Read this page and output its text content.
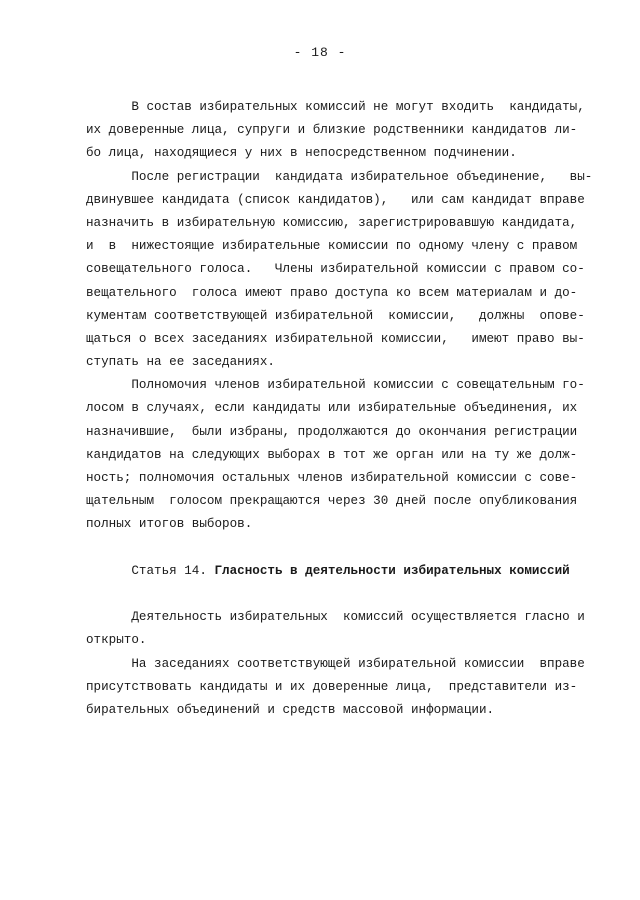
- 18 -
В состав избирательных комиссий не могут входить  кандидаты,
их доверенные лица, супруги и близкие родственники кандидатов ли-
бо лица, находящиеся у них в непосредственном подчинении.
После регистрации  кандидата избирательное объединение,   вы-
двинувшее кандидата (список кандидатов),   или сам кандидат вправе
назначить в избирательную комиссию, зарегистрировавшую кандидата,
и  в  нижестоящие избирательные комиссии по одному члену с правом
совещательного голоса.   Члены избирательной комиссии с правом со-
вещательного  голоса имеют право доступа ко всем материалам и до-
кументам соответствующей избирательной  комиссии,   должны  опове-
щаться о всех заседаниях избирательной комиссии,   имеют право вы-
ступать на ее заседаниях.
Полномочия членов избирательной комиссии с совещательным го-
лосом в случаях, если кандидаты или избирательные объединения, их
назначившие,  были избраны, продолжаются до окончания регистрации
кандидатов на следующих выборах в тот же орган или на ту же долж-
ность; полномочия остальных членов избирательной комиссии с сове-
щательным  голосом прекращаются через 30 дней после опубликования
полных итогов выборов.
Статья 14. Гласность в деятельности избирательных комиссий
Деятельность избирательных  комиссий осуществляется гласно и
открыто.
На заседаниях соответствующей избирательной комиссии  вправе
присутствовать кандидаты и их доверенные лица,  представители из-
бирательных объединений и средств массовой информации.
